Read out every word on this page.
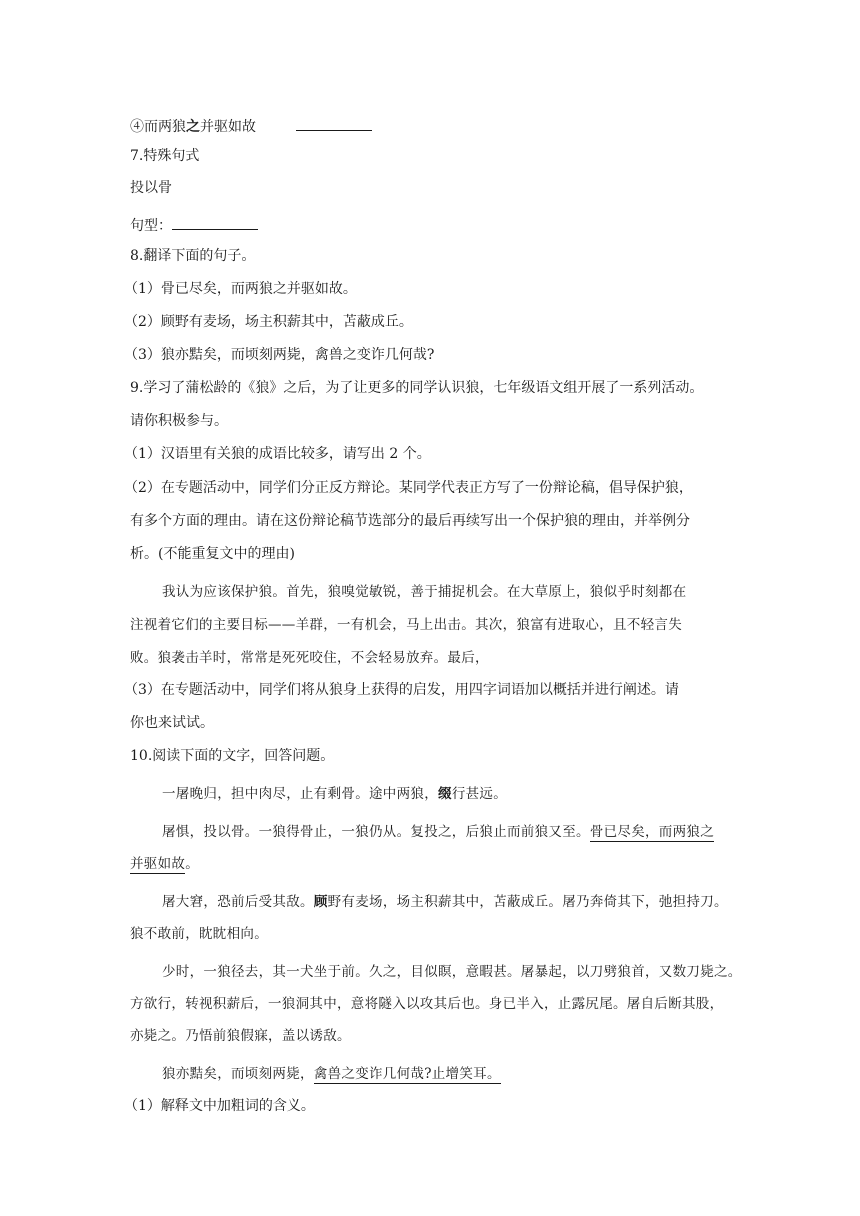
④而两狼之并驱如故
7.特殊句式
投以骨
句型：
8.翻译下面的句子。
（1）骨已尽矣，而两狼之并驱如故。
（2）顾野有麦场，场主积薪其中，苫蔽成丘。
（3）狼亦黠矣，而顷刻两毙，禽兽之变诈几何哉?
9.学习了蒲松龄的《狼》之后，为了让更多的同学认识狼，七年级语文组开展了一系列活动。
请你积极参与。
（1）汉语里有关狼的成语比较多，请写出 2 个。
（2）在专题活动中，同学们分正反方辩论。某同学代表正方写了一份辩论稿，倡导保护狼，
有多个方面的理由。请在这份辩论稿节选部分的最后再续写出一个保护狼的理由，并举例分
析。(不能重复文中的理由)
我认为应该保护狼。首先，狼嗅觉敏锐，善于捕捉机会。在大草原上，狼似乎时刻都在
注视着它们的主要目标——羊群，一有机会，马上出击。其次，狼富有进取心，且不轻言失
败。狼袭击羊时，常常是死死咬住，不会轻易放弃。最后，
（3）在专题活动中，同学们将从狼身上获得的启发，用四字词语加以概括并进行阐述。请
你也来试试。
10.阅读下面的文字，回答问题。
一屠晚归，担中肉尽，止有剩骨。途中两狼，缀行甚远。
屠惧，投以骨。一狼得骨止，一狼仍从。复投之，后狼止而前狼又至。骨已尽矣，而两狼之
并驱如故。
屠大窘，恐前后受其敌。顾野有麦场，场主积薪其中，苫蔽成丘。屠乃奔倚其下，弛担持刀。
狼不敢前，眈眈相向。
少时，一狼径去，其一犬坐于前。久之，目似瞑，意暇甚。屠暴起，以刀劈狼首，又数刀毙之。
方欲行，转视积薪后，一狼洞其中，意将隧入以攻其后也。身已半入，止露尻尾。屠自后断其股，
亦毙之。乃悟前狼假寐，盖以诱敌。
狼亦黠矣，而顷刻两毙，禽兽之变诈几何哉?止增笑耳。
（1）解释文中加粗词的含义。
